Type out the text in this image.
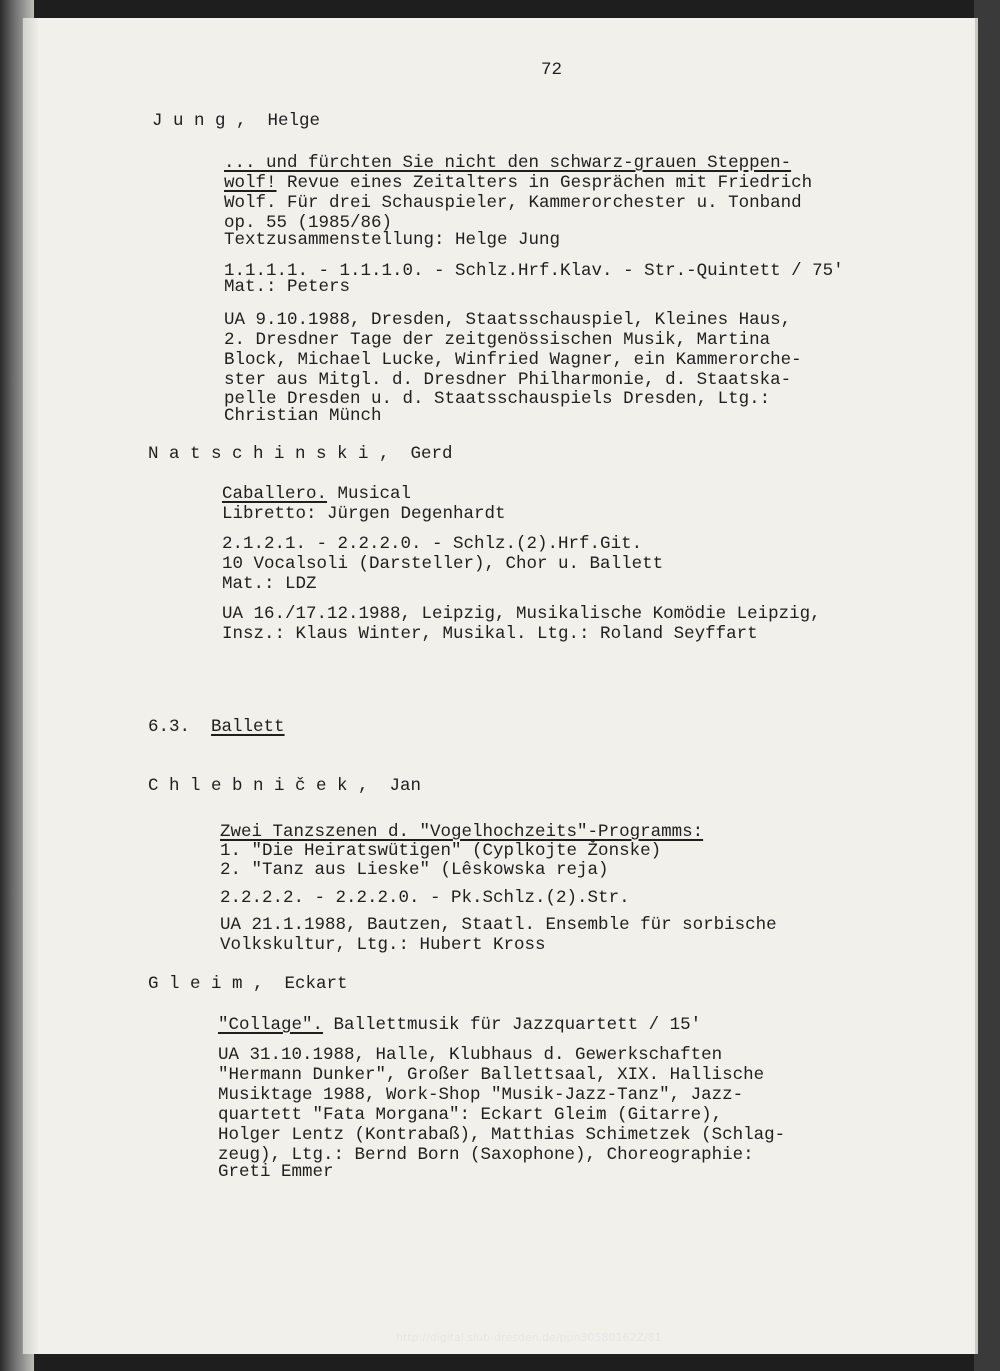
72
J u n g ,  Helge
... und fürchten Sie nicht den schwarz-grauen Steppen-
wolf! Revue eines Zeitalters in Gesprächen mit Friedrich
Wolf. Für drei Schauspieler, Kammerorchester u. Tonband
op. 55 (1985/86)
Textzusammenstellung: Helge Jung
1.1.1.1. - 1.1.1.0. - Schlz.Hrf.Klav. - Str.-Quintett / 75'
Mat.: Peters
UA 9.10.1988, Dresden, Staatsschauspiel, Kleines Haus,
2. Dresdner Tage der zeitgenössischen Musik, Martina
Block, Michael Lucke, Winfried Wagner, ein Kammerorche-
ster aus Mitgl. d. Dresdner Philharmonie, d. Staatska-
pelle Dresden u. d. Staatsschauspiels Dresden, Ltg.:
Christian Münch
N a t s c h i n s k i ,  Gerd
Caballero. Musical
Libretto: Jürgen Degenhardt
2.1.2.1. - 2.2.2.0. - Schlz.(2).Hrf.Git.
10 Vocalsoli (Darsteller), Chor u. Ballett
Mat.: LDZ
UA 16./17.12.1988, Leipzig, Musikalische Komödie Leipzig,
Insz.: Klaus Winter, Musikal. Ltg.: Roland Seyffart
6.3. Ballett
C h l e b n i č e k ,  Jan
Zwei Tanzszenen d. "Vogelhochzeits"-Programms:
1. "Die Heiratswütigen" (Cyplkojte Žonske)
2. "Tanz aus Lieske" (Lêskowska reja)
2.2.2.2. - 2.2.2.0. - Pk.Schlz.(2).Str.
UA 21.1.1988, Bautzen, Staatl. Ensemble für sorbische
Volkskultur, Ltg.: Hubert Kross
G l e i m ,  Eckart
"Collage". Ballettmusik für Jazzquartett / 15'
UA 31.10.1988, Halle, Klubhaus d. Gewerkschaften
"Hermann Dunker", Großer Ballettsaal, XIX. Hallische
Musiktage 1988, Work-Shop "Musik-Jazz-Tanz", Jazz-
quartett "Fata Morgana": Eckart Gleim (Gitarre),
Holger Lentz (Kontrabaß), Matthias Schimetzek (Schlag-
zeug), Ltg.: Bernd Born (Saxophone), Choreographie:
Greti Emmer
http://digital.slub-dresden.de/ppn30580162Z/81
